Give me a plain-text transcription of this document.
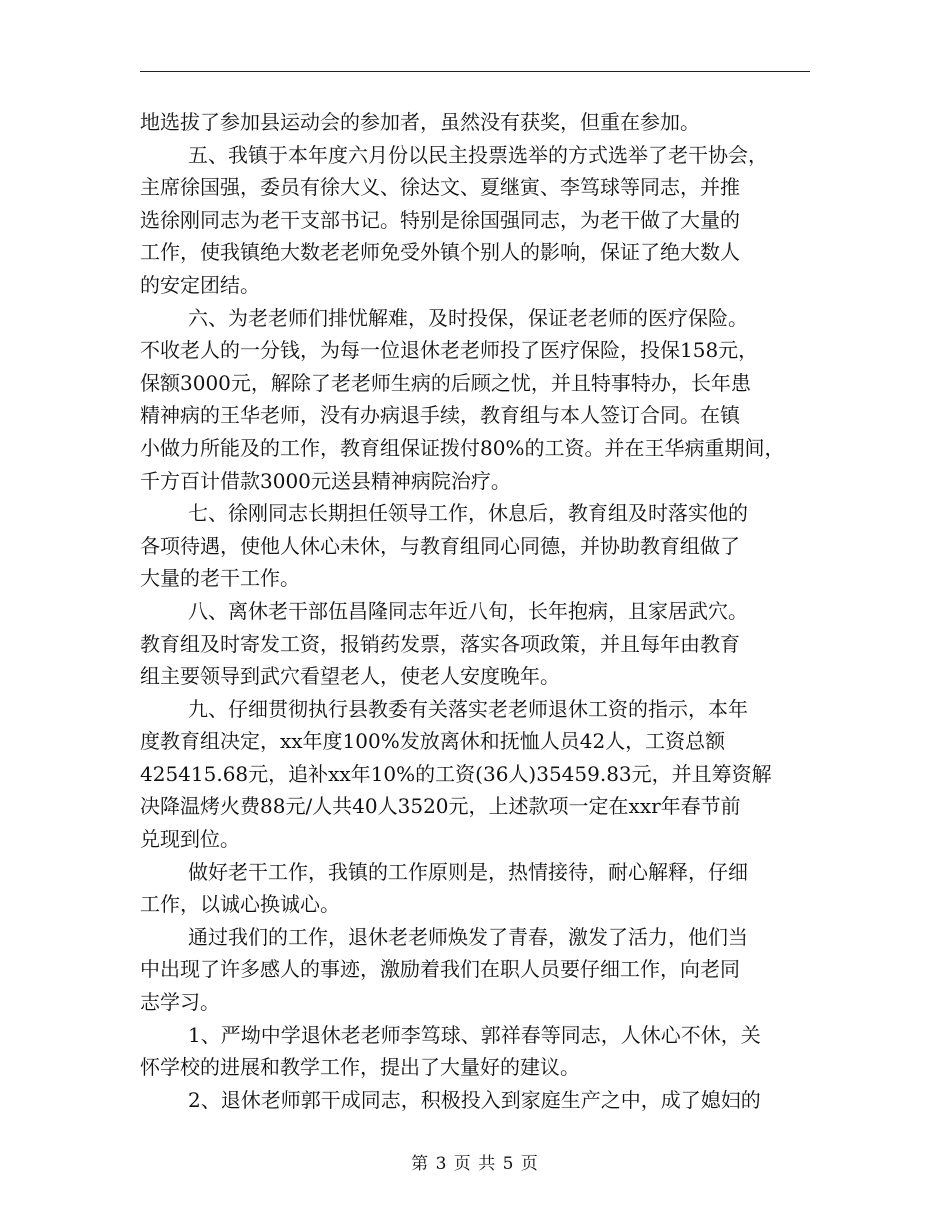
地选拔了参加县运动会的参加者，虽然没有获奖，但重在参加。
五、我镇于本年度六月份以民主投票选举的方式选举了老干协会，
主席徐国强，委员有徐大义、徐达文、夏继寅、李笃球等同志，并推
选徐刚同志为老干支部书记。特别是徐国强同志，为老干做了大量的
工作，使我镇绝大数老老师免受外镇个别人的影响，保证了绝大数人
的安定团结。
六、为老老师们排忧解难，及时投保，保证老老师的医疗保险。
不收老人的一分钱，为每一位退休老老师投了医疗保险，投保158元，
保额3000元，解除了老老师生病的后顾之忧，并且特事特办，长年患
精神病的王华老师，没有办病退手续，教育组与本人签订合同。在镇
小做力所能及的工作，教育组保证拨付80%的工资。并在王华病重期间，
千方百计借款3000元送县精神病院治疗。
七、徐刚同志长期担任领导工作，休息后，教育组及时落实他的
各项待遇，使他人休心未休，与教育组同心同德，并协助教育组做了
大量的老干工作。
八、离休老干部伍昌隆同志年近八旬，长年抱病，且家居武穴。
教育组及时寄发工资，报销药发票，落实各项政策，并且每年由教育
组主要领导到武穴看望老人，使老人安度晚年。
九、仔细贯彻执行县教委有关落实老老师退休工资的指示，本年
度教育组决定，xx年度100%发放离休和抚恤人员42人，工资总额
425415.68元，追补xx年10%的工资(36人)35459.83元，并且筹资解
决降温烤火费88元/人共40人3520元，上述款项一定在xxr年春节前
兑现到位。
做好老干工作，我镇的工作原则是，热情接待，耐心解释，仔细
工作，以诚心换诚心。
通过我们的工作，退休老老师焕发了青春，激发了活力，他们当
中出现了许多感人的事迹，激励着我们在职人员要仔细工作，向老同
志学习。
1、严坳中学退休老老师李笃球、郭祥春等同志，人休心不休，关
怀学校的进展和教学工作，提出了大量好的建议。
2、退休老师郭干成同志，积极投入到家庭生产之中，成了媳妇的
第 3 页 共 5 页
